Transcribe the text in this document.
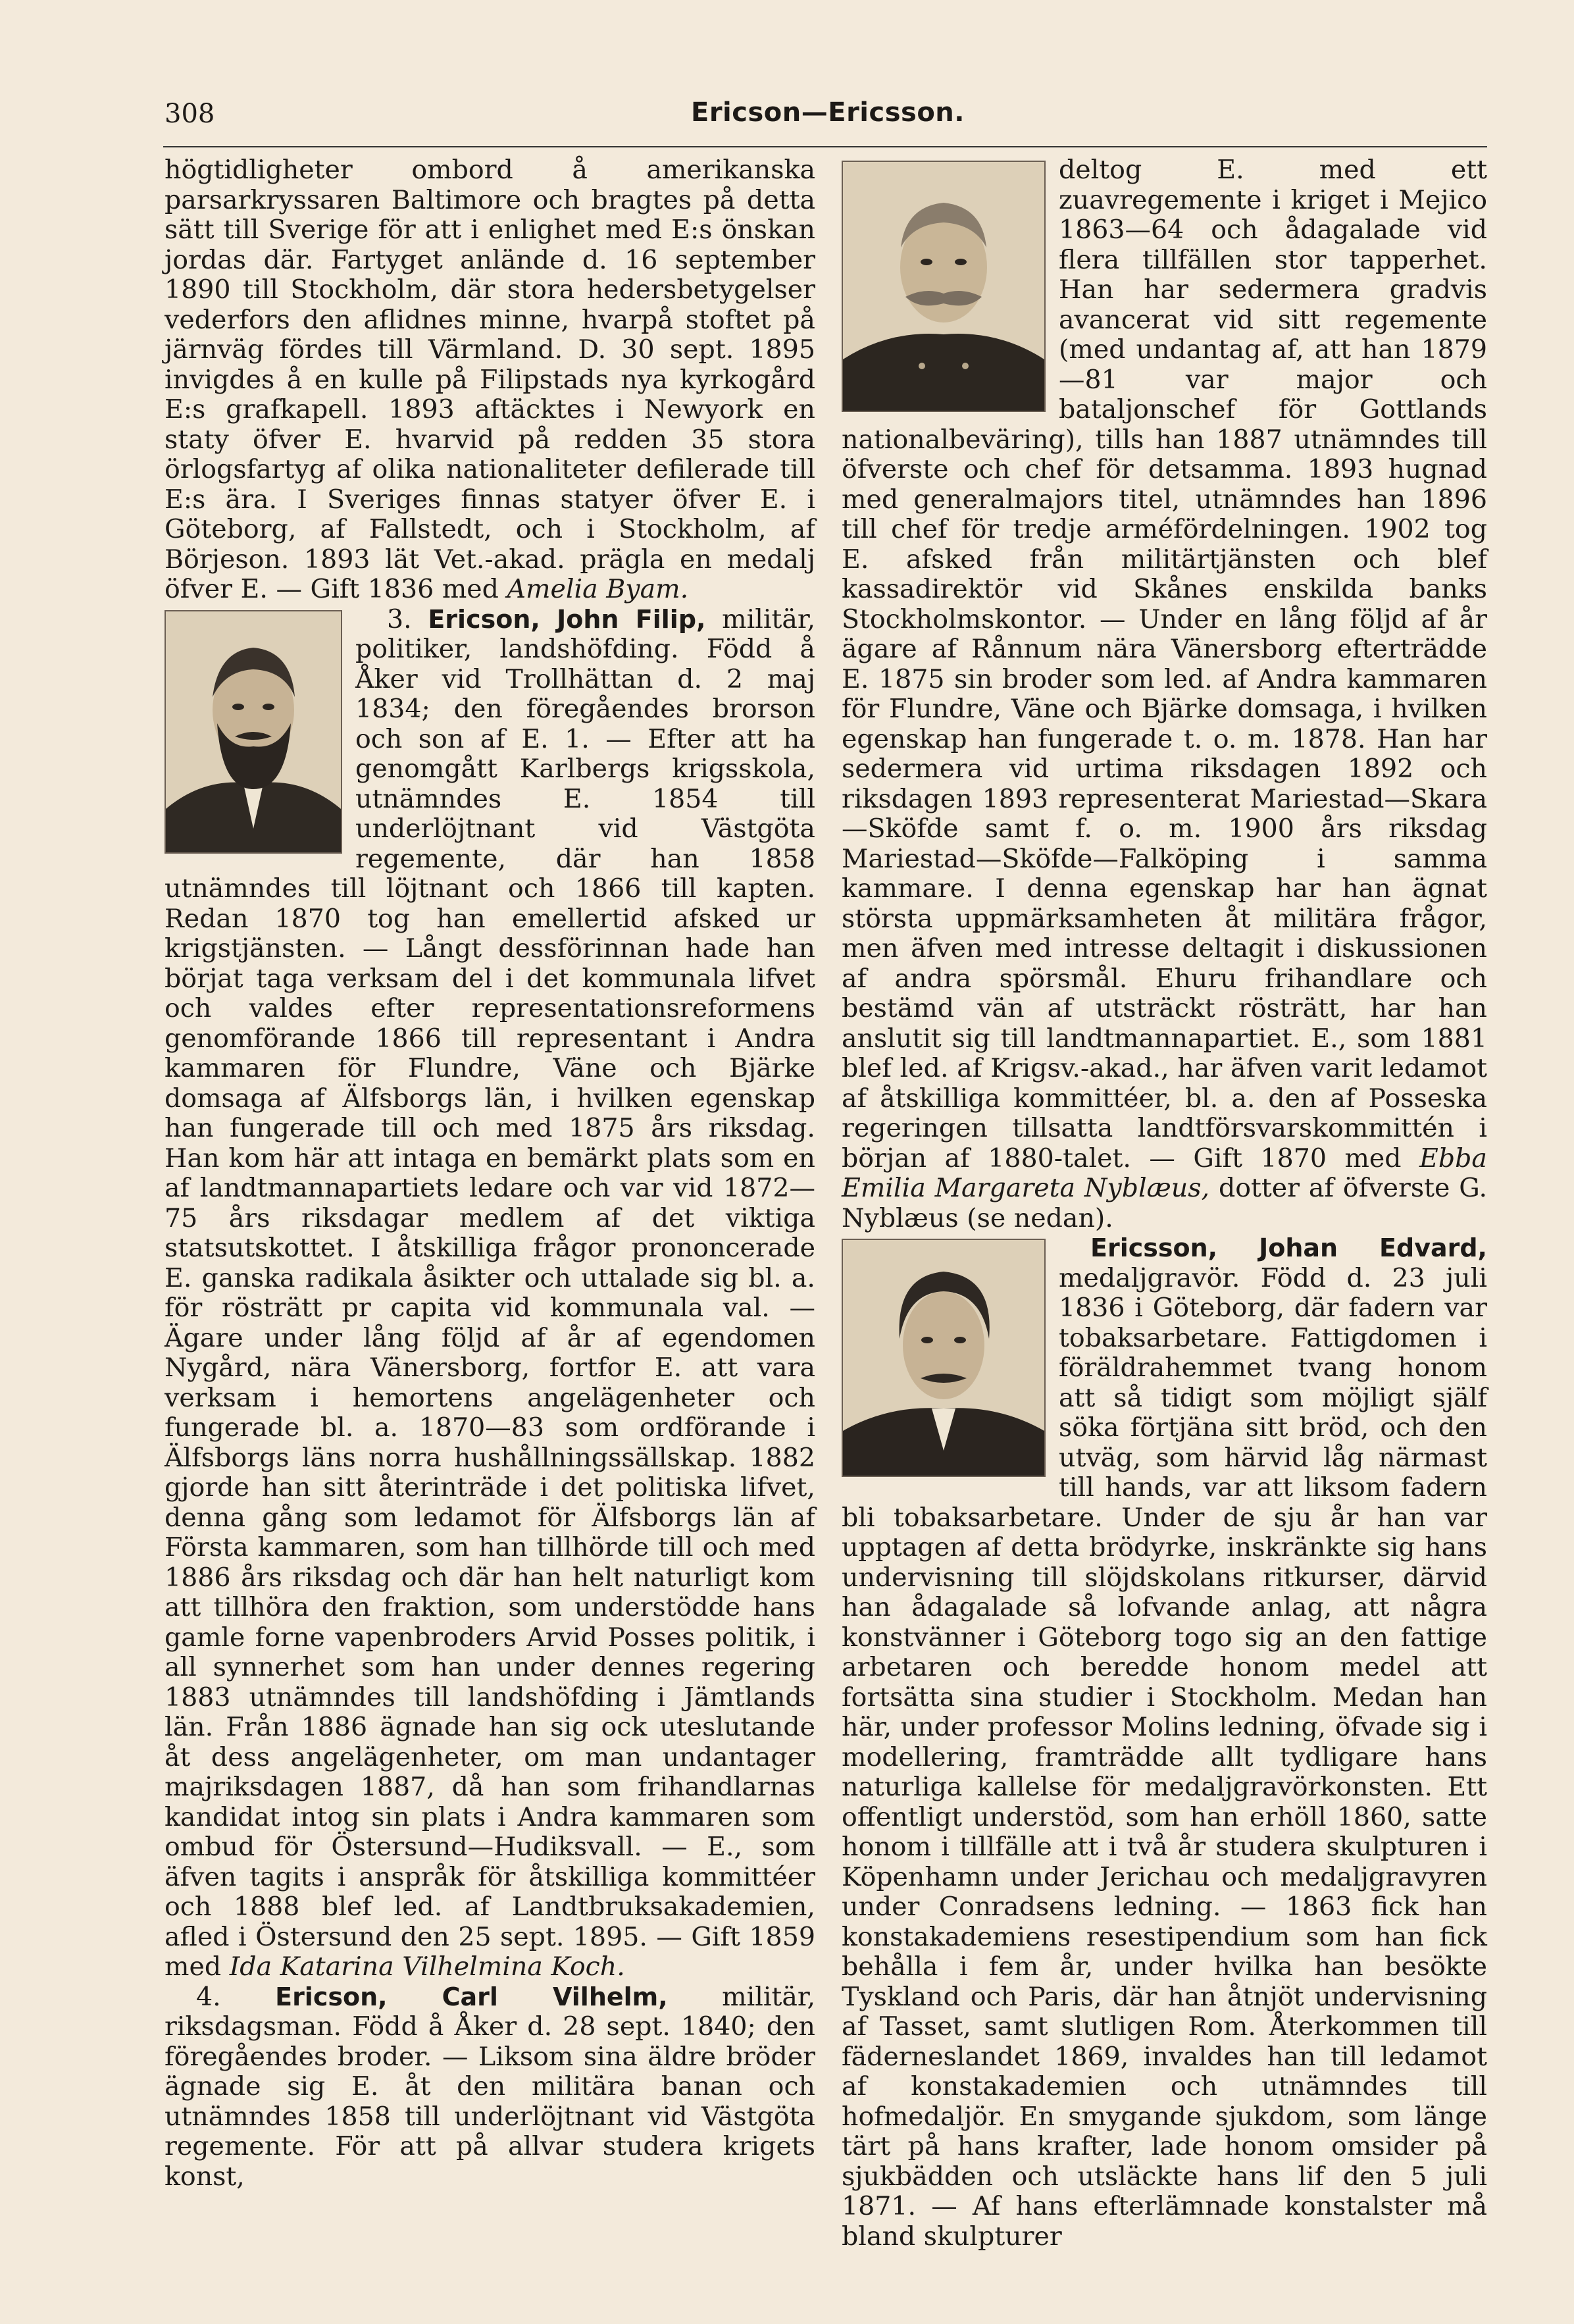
308	Ericson—Ericsson.

högtidligheter ombord å amerikanska parsarkryssaren Baltimore och bragtes på detta sätt till Sverige för att i enlighet med E:s önskan jordas där. Fartyget anlände d. 16 september 1890 till Stockholm, där stora hedersbetygelser vederfors den aflidnes minne, hvarpå stoftet på järnväg fördes till Värmland. D. 30 sept. 1895 invigdes å en kulle på Filipstads nya kyrkogård E:s grafkapell. 1893 aftäcktes i Newyork en staty öfver E. hvarvid på redden 35 stora örlogsfartyg af olika nationaliteter defilerade till E:s ära. I Sveriges finnas statyer öfver E. i Göteborg, af Fallstedt, och i Stockholm, af Börjeson. 1893 lät Vet.-akad. prägla en medalj öfver E. — Gift 1836 med Amelia Byam.

3. Ericson, John Filip, militär, politiker, landshöfding. Född å Åker vid Trollhättan d. 2 maj 1834; den föregåendes brorson och son af E. 1. — Efter att ha genomgått Karlbergs krigsskola, utnämndes E. 1854 till underlöjtnant vid Västgöta regemente, där han 1858 utnämndes till löjtnant och 1866 till kapten. Redan 1870 tog han emellertid afsked ur krigstjänsten. — Långt dessförinnan hade han börjat taga verksam del i det kommunala lifvet och valdes efter representationsreformens genomförande 1866 till representant i Andra kammaren för Flundre, Väne och Bjärke domsaga af Älfsborgs län, i hvilken egenskap han fungerade till och med 1875 års riksdag. Han kom här att intaga en bemärkt plats som en af landtmannapartiets ledare och var vid 1872—75 års riksdagar medlem af det viktiga statsutskottet. I åtskilliga frågor prononcerade E. ganska radikala åsikter och uttalade sig bl. a. för rösträtt pr capita vid kommunala val. — Ägare under lång följd af år af egendomen Nygård, nära Vänersborg, fortfor E. att vara verksam i hemortens angelägenheter och fungerade bl. a. 1870—83 som ordförande i Älfsborgs läns norra hushållningssällskap. 1882 gjorde han sitt återinträde i det politiska lifvet, denna gång som ledamot för Älfsborgs län af Första kammaren, som han tillhörde till och med 1886 års riksdag och där han helt naturligt kom att tillhöra den fraktion, som understödde hans gamle forne vapenbroders Arvid Posses politik, i all synnerhet som han under dennes regering 1883 utnämndes till landshöfding i Jämtlands län. Från 1886 ägnade han sig ock uteslutande åt dess angelägenheter, om man undantager majriksdagen 1887, då han som frihandlarnas kandidat intog sin plats i Andra kammaren som ombud för Östersund—Hudiksvall. — E., som äfven tagits i anspråk för åtskilliga kommittéer och 1888 blef led. af Landtbruksakademien, afled i Östersund den 25 sept. 1895. — Gift 1859 med Ida Katarina Vilhelmina Koch.

4. Ericson, Carl Vilhelm, militär, riksdagsman. Född å Åker d. 28 sept. 1840; den föregåendes broder. — Liksom sina äldre bröder ägnade sig E. åt den militära banan och utnämndes 1858 till underlöjtnant vid Västgöta regemente. För att på allvar studera krigets konst,

deltog E. med ett zuavregemente i kriget i Mejico 1863—64 och ådagalade vid flera tillfällen stor tapperhet. Han har sedermera gradvis avancerat vid sitt regemente (med undantag af, att han 1879—81 var major och bataljonschef för Gottlands nationalbeväring), tills han 1887 utnämndes till öfverste och chef för detsamma. 1893 hugnad med generalmajors titel, utnämndes han 1896 till chef för tredje arméfördelningen. 1902 tog E. afsked från militärtjänsten och blef kassadirektör vid Skånes enskilda banks Stockholmskontor. — Under en lång följd af år ägare af Rånnum nära Vänersborg efterträdde E. 1875 sin broder som led. af Andra kammaren för Flundre, Väne och Bjärke domsaga, i hvilken egenskap han fungerade t. o. m. 1878. Han har sedermera vid urtima riksdagen 1892 och riksdagen 1893 representerat Mariestad—Skara—Sköfde samt f. o. m. 1900 års riksdag Mariestad—Sköfde—Falköping i samma kammare. I denna egenskap har han ägnat största uppmärksamheten åt militära frågor, men äfven med intresse deltagit i diskussionen af andra spörsmål. Ehuru frihandlare och bestämd vän af utsträckt rösträtt, har han anslutit sig till landtmannapartiet. E., som 1881 blef led. af Krigsv.-akad., har äfven varit ledamot af åtskilliga kommittéer, bl. a. den af Posseska regeringen tillsatta landtförsvarskommittén i början af 1880-talet. — Gift 1870 med Ebba Emilia Margareta Nyblæus, dotter af öfverste G. Nyblæus (se nedan).

Ericsson, Johan Edvard,
medaljgravör. Född d. 23 juli 1836 i Göteborg, där fadern var tobaksarbetare. Fattigdomen i föräldrahemmet tvang honom att så tidigt som möjligt själf söka förtjäna sitt bröd, och den utväg, som härvid låg närmast till hands, var att liksom fadern bli tobaksarbetare. Under de sju år han var upptagen af detta brödyrke, inskränkte sig hans undervisning till slöjdskolans ritkurser, därvid han ådagalade så lofvande anlag, att några konstvänner i Göteborg togo sig an den fattige arbetaren och beredde honom medel att fortsätta sina studier i Stockholm. Medan han här, under professor Molins ledning, öfvade sig i modellering, framträdde allt tydligare hans naturliga kallelse för medaljgravörkonsten. Ett offentligt understöd, som han erhöll 1860, satte honom i tillfälle att i två år studera skulpturen i Köpenhamn under Jerichau och medaljgravyren under Conradsens ledning. — 1863 fick han konstakademiens resestipendium som han fick behålla i fem år, under hvilka han besökte Tyskland och Paris, där han åtnjöt undervisning af Tasset, samt slutligen Rom. Återkommen till fäderneslandet 1869, invaldes han till ledamot af konstakademien och utnämndes till hofmedaljör. En smygande sjukdom, som länge tärt på hans krafter, lade honom omsider på sjukbädden och utsläckte hans lif den 5 juli 1871. — Af hans efterlämnade konstalster må bland skulpturer
